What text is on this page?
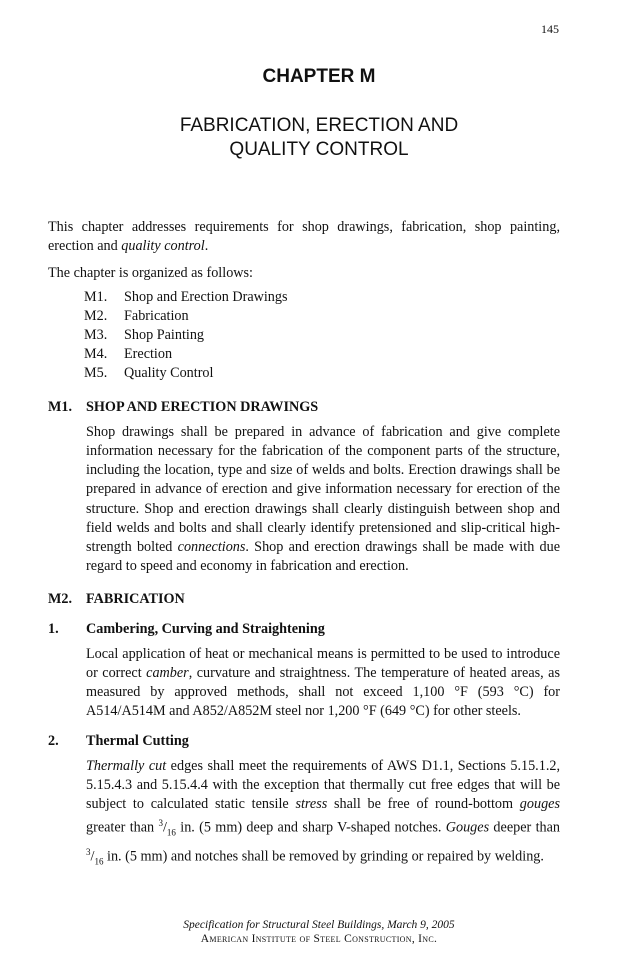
145
CHAPTER M
FABRICATION, ERECTION AND
QUALITY CONTROL

This chapter addresses requirements for shop drawings, fabrication, shop painting, erection and quality control.

The chapter is organized as follows:

M1.	Shop and Erection Drawings
M2.	Fabrication
M3.	Shop Painting
M4.	Erection
M5.	Quality Control
M1. SHOP AND ERECTION DRAWINGS

Shop drawings shall be prepared in advance of fabrication and give complete information necessary for the fabrication of the component parts of the structure, including the location, type and size of welds and bolts. Erection drawings shall be prepared in advance of erection and give information necessary for erection of the structure. Shop and erection drawings shall clearly distinguish between shop and field welds and bolts and shall clearly identify pretensioned and slip-critical high-strength bolted connections. Shop and erection drawings shall be made with due regard to speed and economy in fabrication and erection.

M2. FABRICATION
1.	Cambering, Curving and Straightening

Local application of heat or mechanical means is permitted to be used to introduce or correct camber, curvature and straightness. The temperature of heated areas, as measured by approved methods, shall not exceed 1,100 °F (593 °C) for A514/A514M and A852/A852M steel nor 1,200 °F (649 °C) for other steels.

2.	Thermal Cutting

Thermally cut edges shall meet the requirements of AWS D1.1, Sections 5.15.1.2, 5.15.4.3 and 5.15.4.4 with the exception that thermally cut free edges that will be subject to calculated static tensile stress shall be free of round-bottom gouges greater than $^3/_{16}$ in. (5 mm) deep and sharp V-shaped notches. Gouges deeper than $^3/_{16}$ in. (5 mm) and notches shall be removed by grinding or repaired by welding.

Specification for Structural Steel Buildings, March 9, 2005
American Institute of Steel Construction, Inc.
